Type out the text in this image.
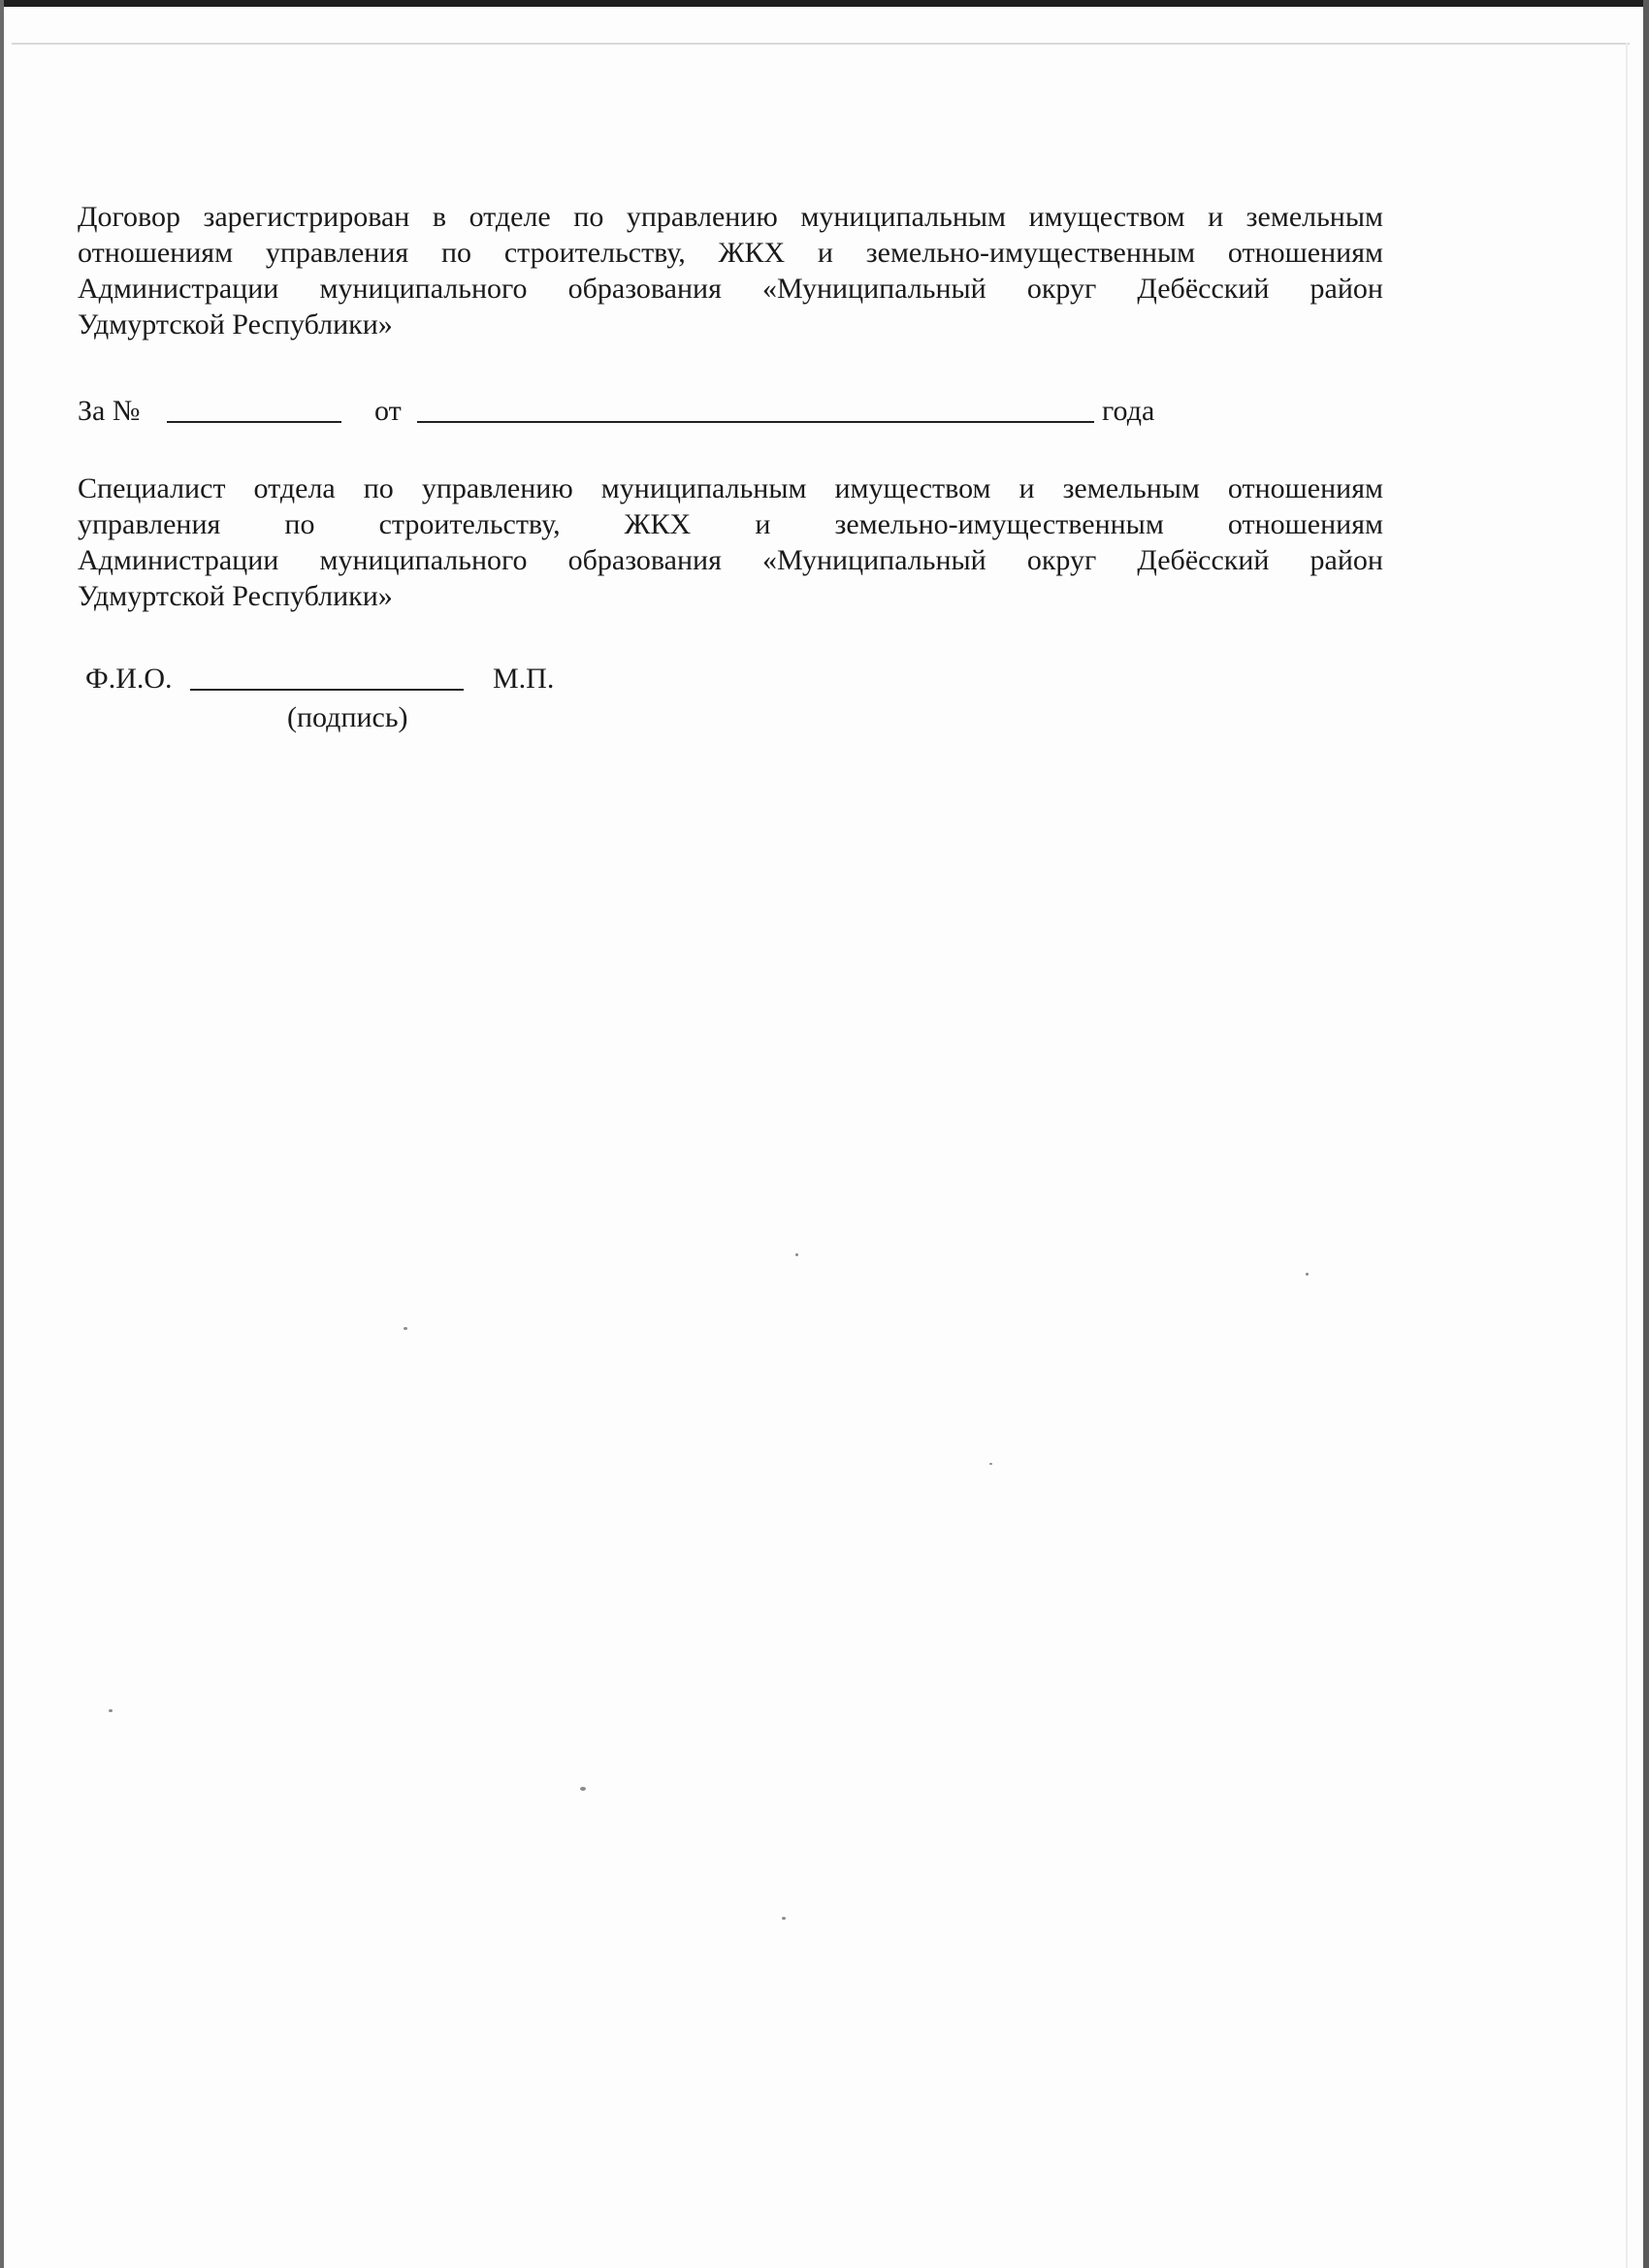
Договор зарегистрирован в отделе по управлению муниципальным имуществом и земельным
отношениям управления по строительству, ЖКХ и земельно-имущественным отношениям
Администрации муниципального образования «Муниципальный округ Дебёсский район
Удмуртской Республики»
За №	от	года
Специалист отдела по управлению муниципальным имуществом и земельным отношениям
управления по строительству, ЖКХ и земельно-имущественным отношениям
Администрации муниципального образования «Муниципальный округ Дебёсский район
Удмуртской Республики»
Ф.И.О.	М.П.
(подпись)
